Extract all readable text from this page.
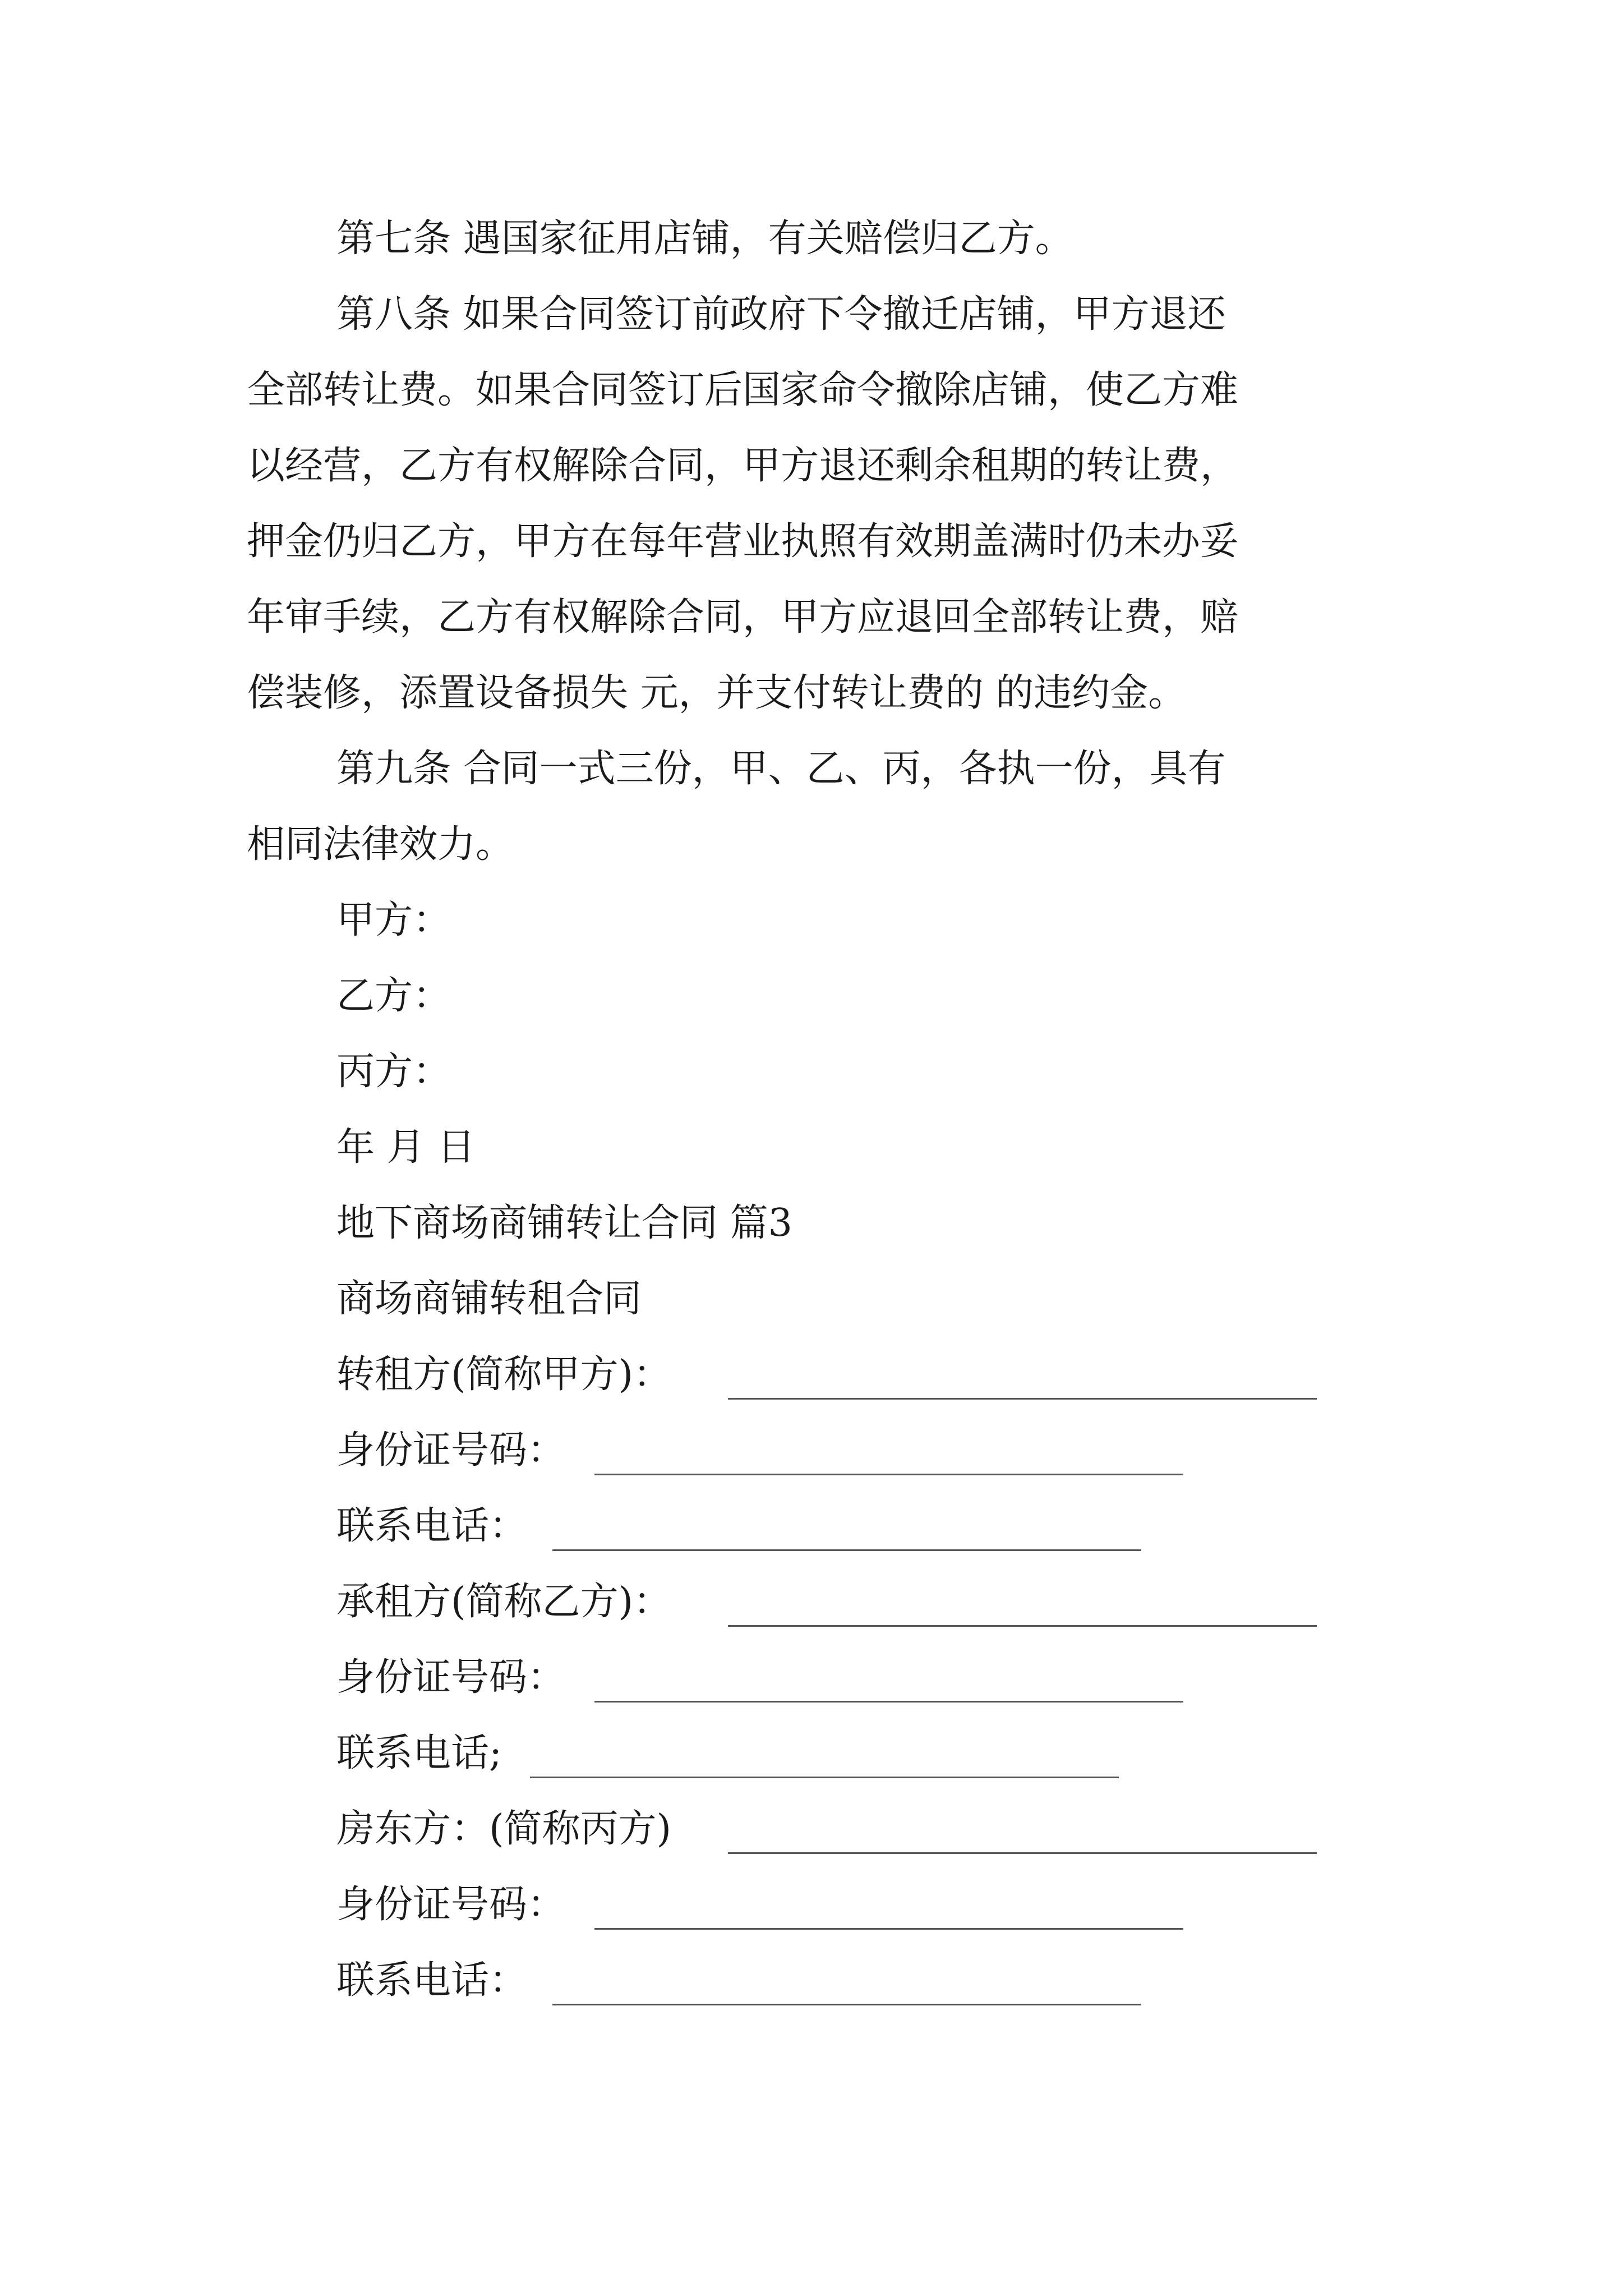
第七条 遇国家征用店铺，有关赔偿归乙方。
第八条 如果合同签订前政府下令撤迁店铺，甲方退还
全部转让费。如果合同签订后国家命令撤除店铺，使乙方难
以经营，乙方有权解除合同，甲方退还剩余租期的转让费，
押金仍归乙方，甲方在每年营业执照有效期盖满时仍未办妥
年审手续，乙方有权解除合同，甲方应退回全部转让费，赔
偿装修，添置设备损失 元，并支付转让费的 的违约金。
第九条 合同一式三份，甲、乙、丙，各执一份，具有
相同法律效力。
甲方：
乙方：
丙方：
年 月 日
地下商场商铺转让合同 篇3
商场商铺转租合同
转租方(简称甲方)：
身份证号码：
联系电话：
承租方(简称乙方)：
身份证号码：
联系电话;
房东方：(简称丙方)
身份证号码：
联系电话：
